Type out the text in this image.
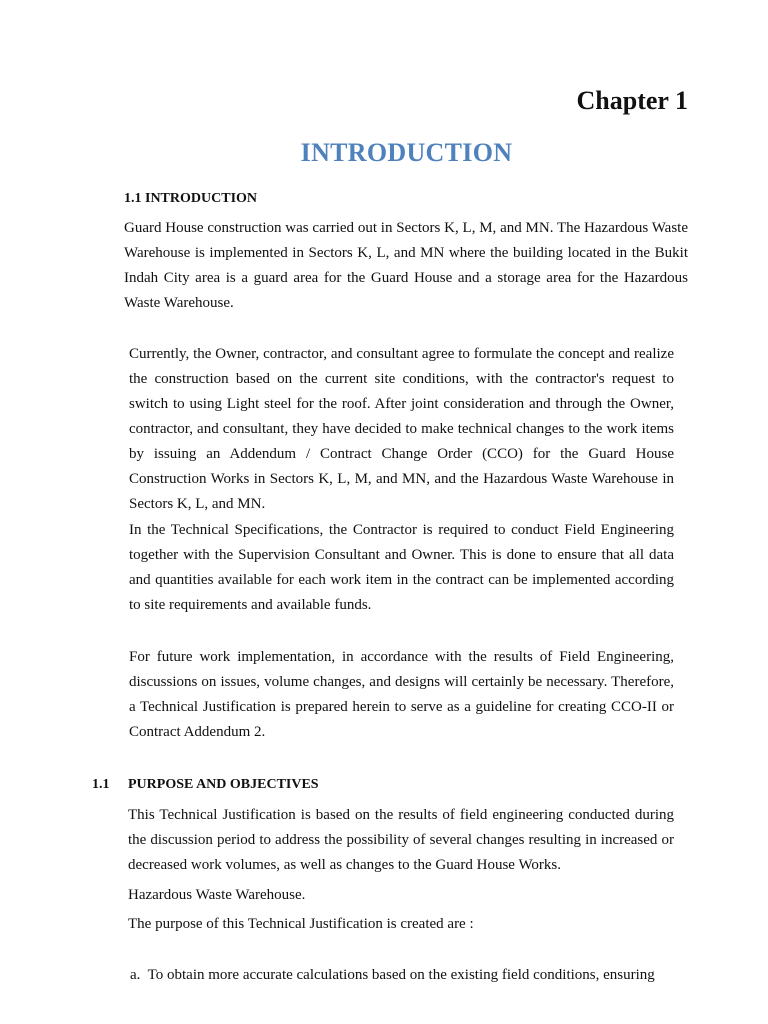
Chapter 1
INTRODUCTION
1.1 INTRODUCTION

Guard House construction was carried out in Sectors K, L, M, and MN. The Hazardous Waste Warehouse is implemented in Sectors K, L, and MN where the building located in the Bukit Indah City area is a guard area for the Guard House and a storage area for the Hazardous Waste Warehouse.

Currently, the Owner, contractor, and consultant agree to formulate the concept and realize the construction based on the current site conditions, with the contractor's request to switch to using Light steel for the roof. After joint consideration and through the Owner, contractor, and consultant, they have decided to make technical changes to the work items by issuing an Addendum / Contract Change Order (CCO) for the Guard House Construction Works in Sectors K, L, M, and MN, and the Hazardous Waste Warehouse in Sectors K, L, and MN.

In the Technical Specifications, the Contractor is required to conduct Field Engineering together with the Supervision Consultant and Owner. This is done to ensure that all data and quantities available for each work item in the contract can be implemented according to site requirements and available funds.

For future work implementation, in accordance with the results of Field Engineering, discussions on issues, volume changes, and designs will certainly be necessary. Therefore, a Technical Justification is prepared herein to serve as a guideline for creating CCO-II or Contract Addendum 2.

1.1 PURPOSE AND OBJECTIVES

This Technical Justification is based on the results of field engineering conducted during the discussion period to address the possibility of several changes resulting in increased or decreased work volumes, as well as changes to the Guard House Works.

Hazardous Waste Warehouse.

The purpose of this Technical Justification is created are :

a.  To obtain more accurate calculations based on the existing field conditions, ensuring
